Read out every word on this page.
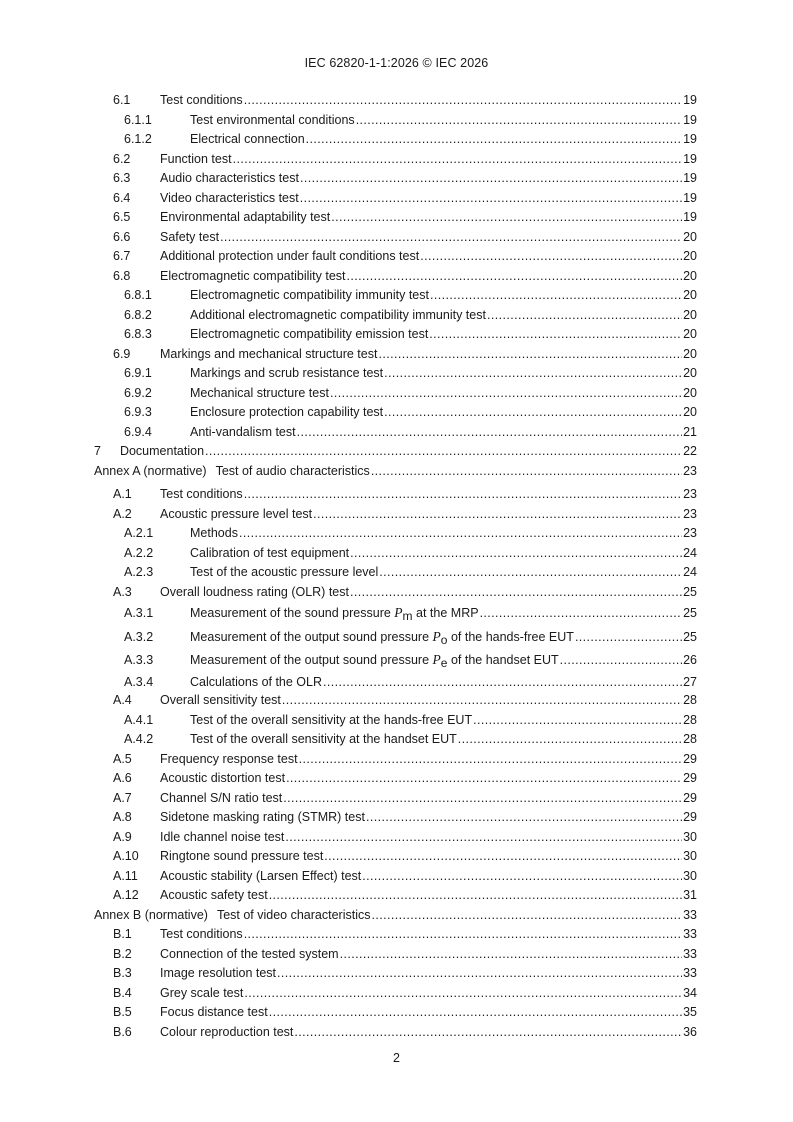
IEC 62820-1-1:2026 © IEC 2026
6.1	Test conditions .....	19
6.1.1	Test environmental conditions .....	19
6.1.2	Electrical connection .....	19
6.2	Function test .....	19
6.3	Audio characteristics test .....	19
6.4	Video characteristics test .....	19
6.5	Environmental adaptability test .....	19
6.6	Safety test .....	20
6.7	Additional protection under fault conditions test .....	20
6.8	Electromagnetic compatibility test .....	20
6.8.1	Electromagnetic compatibility immunity test .....	20
6.8.2	Additional electromagnetic compatibility immunity test .....	20
6.8.3	Electromagnetic compatibility emission test .....	20
6.9	Markings and mechanical structure test .....	20
6.9.1	Markings and scrub resistance test .....	20
6.9.2	Mechanical structure test .....	20
6.9.3	Enclosure protection capability test .....	20
6.9.4	Anti-vandalism test .....	21
7 Documentation .....	22
Annex A (normative) Test of audio characteristics .....	23
A.1	Test conditions .....	23
A.2	Acoustic pressure level test .....	23
A.2.1	Methods .....	23
A.2.2	Calibration of test equipment .....	24
A.2.3	Test of the acoustic pressure level .....	24
A.3	Overall loudness rating (OLR) test .....	25
A.3.1	Measurement of the sound pressure Pm at the MRP .....	25
A.3.2	Measurement of the output sound pressure Po of the hands-free EUT .....	25
A.3.3	Measurement of the output sound pressure Pe of the handset EUT .....	26
A.3.4	Calculations of the OLR .....	27
A.4	Overall sensitivity test .....	28
A.4.1	Test of the overall sensitivity at the hands-free EUT .....	28
A.4.2	Test of the overall sensitivity at the handset EUT .....	28
A.5	Frequency response test .....	29
A.6	Acoustic distortion test .....	29
A.7	Channel S/N ratio test .....	29
A.8	Sidetone masking rating (STMR) test .....	29
A.9	Idle channel noise test .....	30
A.10	Ringtone sound pressure test .....	30
A.11	Acoustic stability (Larsen Effect) test .....	30
A.12	Acoustic safety test .....	31
Annex B (normative) Test of video characteristics .....	33
B.1	Test conditions .....	33
B.2	Connection of the tested system .....	33
B.3	Image resolution test .....	33
B.4	Grey scale test .....	34
B.5	Focus distance test .....	35
B.6	Colour reproduction test .....	36
2
